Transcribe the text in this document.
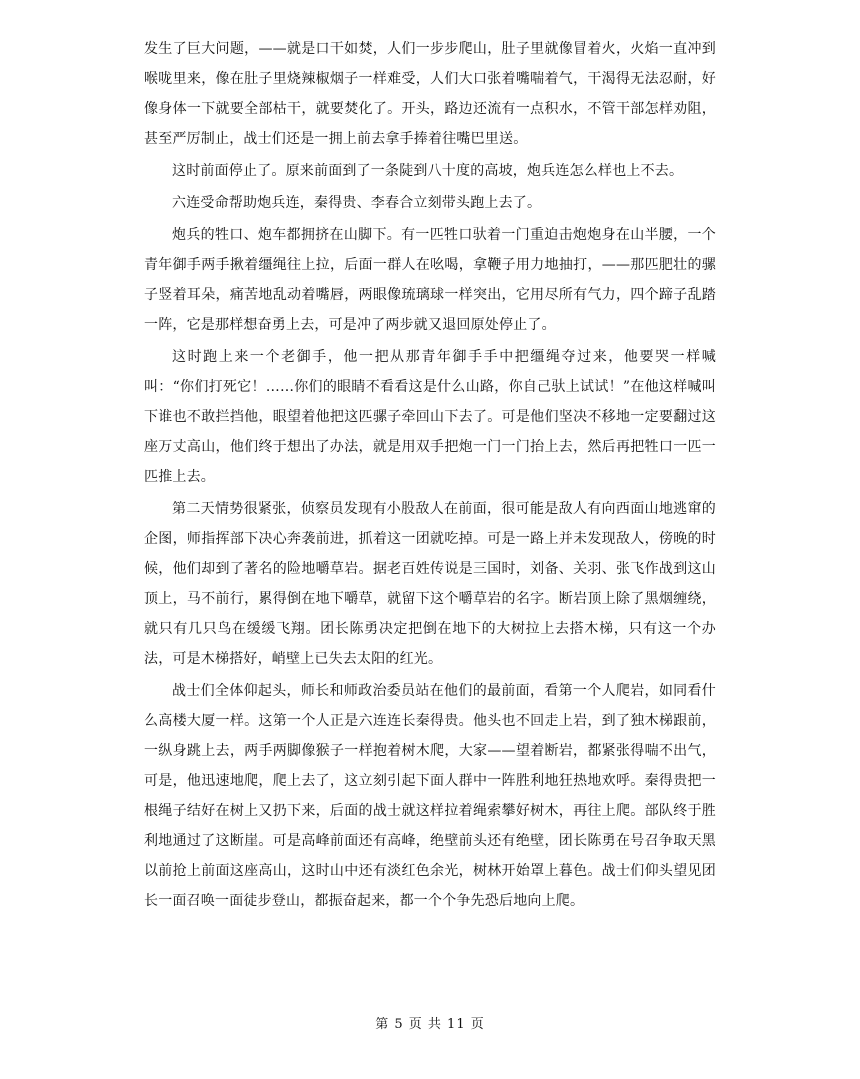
发生了巨大问题，——就是口干如焚，人们一步步爬山，肚子里就像冒着火，火焰一直冲到喉咙里来，像在肚子里烧辣椒烟子一样难受，人们大口张着嘴喘着气，干渴得无法忍耐，好像身体一下就要全部枯干，就要焚化了。开头，路边还流有一点积水，不管干部怎样劝阻，甚至严厉制止，战士们还是一拥上前去拿手捧着往嘴巴里送。

这时前面停止了。原来前面到了一条陡到八十度的高坡，炮兵连怎么样也上不去。

六连受命帮助炮兵连，秦得贵、李春合立刻带头跑上去了。

炮兵的牲口、炮车都拥挤在山脚下。有一匹牲口驮着一门重迫击炮炮身在山半腰，一个青年御手两手揪着缰绳往上拉，后面一群人在吆喝，拿鞭子用力地抽打，——那匹肥壮的骡子竖着耳朵，痛苦地乱动着嘴唇，两眼像琉璃球一样突出，它用尽所有气力，四个蹄子乱踏一阵，它是那样想奋勇上去，可是冲了两步就又退回原处停止了。

这时跑上来一个老御手，他一把从那青年御手手中把缰绳夺过来，他要哭一样喊叫：“你们打死它！……你们的眼睛不看看这是什么山路，你自己驮上试试！”在他这样喊叫下谁也不敢拦挡他，眼望着他把这匹骡子牵回山下去了。可是他们坚决不移地一定要翻过这座万丈高山，他们终于想出了办法，就是用双手把炮一门一门抬上去，然后再把牲口一匹一匹推上去。

第二天情势很紧张，侦察员发现有小股敌人在前面，很可能是敌人有向西面山地逃窜的企图，师指挥部下决心奔袭前进，抓着这一团就吃掉。可是一路上并未发现敌人，傍晚的时候，他们却到了著名的险地嚼草岩。据老百姓传说是三国时，刘备、关羽、张飞作战到这山顶上，马不前行，累得倒在地下嚼草，就留下这个嚼草岩的名字。断岩顶上除了黑烟缠绕，就只有几只鸟在缓缓飞翔。团长陈勇决定把倒在地下的大树拉上去搭木梯，只有这一个办法，可是木梯搭好，峭壁上已失去太阳的红光。

战士们全体仰起头，师长和师政治委员站在他们的最前面，看第一个人爬岩，如同看什么高楼大厦一样。这第一个人正是六连连长秦得贵。他头也不回走上岩，到了独木梯跟前，一纵身跳上去，两手两脚像猴子一样抱着树木爬，大家——望着断岩，都紧张得喘不出气，可是，他迅速地爬，爬上去了，这立刻引起下面人群中一阵胜利地狂热地欢呼。秦得贵把一根绳子结好在树上又扔下来，后面的战士就这样拉着绳索攀好树木，再往上爬。部队终于胜利地通过了这断崖。可是高峰前面还有高峰，绝壁前头还有绝壁，团长陈勇在号召争取天黑以前抢上前面这座高山，这时山中还有淡红色余光，树林开始罩上暮色。战士们仰头望见团长一面召唤一面徒步登山，都振奋起来，都一个个争先恐后地向上爬。

第 5 页 共 11 页
